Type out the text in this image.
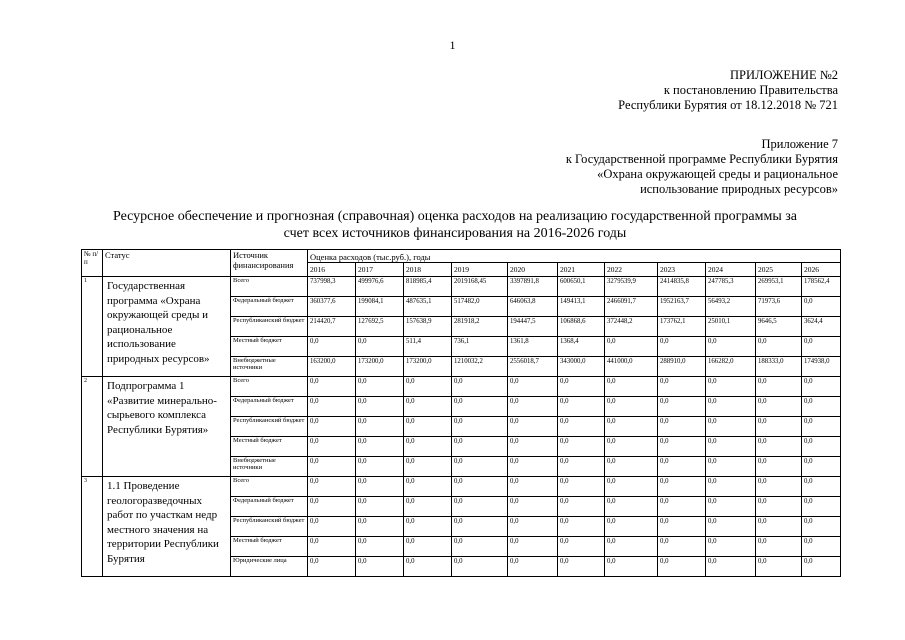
1
ПРИЛОЖЕНИЕ №2
к постановлению Правительства
Республики Бурятия от 18.12.2018 № 721
Приложение 7
к Государственной программе Республики Бурятия
«Охрана окружающей среды и рациональное
использование природных ресурсов»
Ресурсное обеспечение и прогнозная (справочная) оценка расходов на реализацию государственной программы за
счет всех источников финансирования на 2016-2026 годы
№ п/п	Статус	Источник финансирования	Оценка расходов (тыс.руб.), годы										
			2016	2017	2018	2019	2020	2021	2022	2023	2024	2025	2026
1	Государственная программа «Охрана окружающей среды и рациональное использование природных ресурсов»	Всего	737998,3	499976,6	818985,4	2019168,45	3397891,8	600650,1	3279539,9	2414835,8	247785,3	269953,1	178562,4
		Федеральный бюджет	360377,6	199084,1	487635,1	517482,0	646063,8	149413,1	2466091,7	1952163,7	56493,2	71973,6	0,0
		Республиканский бюджет	214420,7	127692,5	157638,9	281918,2	194447,5	106868,6	372448,2	173762,1	25010,1	9646,5	3624,4
		Местный бюджет	0,0	0,0	511,4	736,1	1361,8	1368,4	0,0	0,0	0,0	0,0	0,0
		Внебюджетные источники	163200,0	173200,0	173200,0	1210032,2	2556018,7	343000,0	441000,0	288910,0	166282,0	188333,0	174938,0
2	Подпрограмма 1 «Развитие минерально-сырьевого комплекса Республики Бурятия»	Всего	0,0	0,0	0,0	0,0	0,0	0,0	0,0	0,0	0,0	0,0	0,0
		Федеральный бюджет	0,0	0,0	0,0	0,0	0,0	0,0	0,0	0,0	0,0	0,0	0,0
		Республиканский бюджет	0,0	0,0	0,0	0,0	0,0	0,0	0,0	0,0	0,0	0,0	0,0
		Местный бюджет	0,0	0,0	0,0	0,0	0,0	0,0	0,0	0,0	0,0	0,0	0,0
		Внебюджетные источники	0,0	0,0	0,0	0,0	0,0	0,0	0,0	0,0	0,0	0,0	0,0
3	1.1 Проведение геологоразведочных работ по участкам недр местного значения на территории Республики Бурятия	Всего	0,0	0,0	0,0	0,0	0,0	0,0	0,0	0,0	0,0	0,0	0,0
		Федеральный бюджет	0,0	0,0	0,0	0,0	0,0	0,0	0,0	0,0	0,0	0,0	0,0
		Республиканский бюджет	0,0	0,0	0,0	0,0	0,0	0,0	0,0	0,0	0,0	0,0	0,0
		Местный бюджет	0,0	0,0	0,0	0,0	0,0	0,0	0,0	0,0	0,0	0,0	0,0
		Юридические лица	0,0	0,0	0,0	0,0	0,0	0,0	0,0	0,0	0,0	0,0	0,0
